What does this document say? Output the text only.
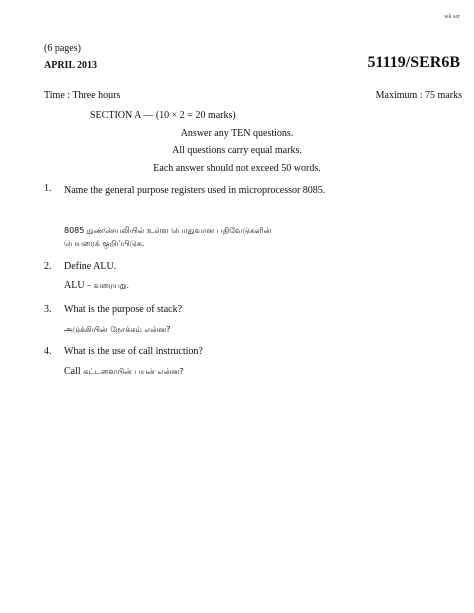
wk ser
(6 pages)
APRIL 2013	51119/SER6B
Time : Three hours	Maximum : 75 marks
SECTION A — (10 × 2 = 20 marks)
Answer any TEN questions.
All questions carry equal marks.
Each answer should not exceed 50 words.
1. Name the general purpose registers used in microprocessor 8085.
8085 நுண்செயலியில் உள்ள பொதுவான பதிவேடுகளின் பெயரைக் குறிப்பிடுக.
2. Define ALU.
ALU – வரையறு.
3. What is the purpose of stack?
அடுக்கியின் நோக்கம் என்ன?
4. What is the use of call instruction?
Call கட்டளையின் பயன் என்ன?
